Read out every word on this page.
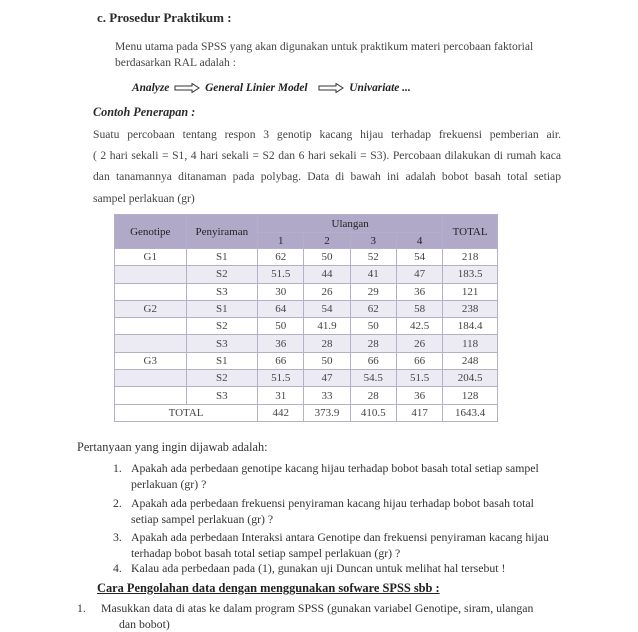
c. Prosedur Praktikum :
Menu utama pada SPSS yang akan digunakan untuk praktikum materi percobaan faktorial
berdasarkan RAL adalah :
Analyze	General Linier Model	Univariate ...
Contoh Penerapan :
Suatu percobaan tentang respon 3 genotip kacang hijau terhadap frekuensi pemberian air.
( 2 hari sekali = S1, 4 hari sekali = S2 dan 6 hari sekali = S3). Percobaan dilakukan di rumah kaca
dan tanamannya ditanaman pada polybag. Data di bawah ini adalah bobot basah total setiap
sampel perlakuan (gr)
Genotipe	Penyiraman	Ulangan				TOTAL
		1	2	3	4	
G1	S1	62	50	52	54	218
	S2	51.5	44	41	47	183.5
	S3	30	26	29	36	121
G2	S1	64	54	62	58	238
	S2	50	41.9	50	42.5	184.4
	S3	36	28	28	26	118
G3	S1	66	50	66	66	248
	S2	51.5	47	54.5	51.5	204.5
	S3	31	33	28	36	128
TOTAL		442	373.9	410.5	417	1643.4
Pertanyaan yang ingin dijawab adalah:
1. Apakah ada perbedaan genotipe kacang hijau terhadap bobot basah total setiap sampel
perlakuan (gr) ?
2. Apakah ada perbedaan frekuensi penyiraman kacang hijau terhadap bobot basah total
setiap sampel perlakuan (gr) ?
3. Apakah ada perbedaan Interaksi antara Genotipe dan frekuensi penyiraman kacang hijau
terhadap bobot basah total setiap sampel perlakuan (gr) ?
4. Kalau ada perbedaan pada (1), gunakan uji Duncan untuk melihat hal tersebut !
Cara Pengolahan data dengan menggunakan sofware SPSS sbb :
1. Masukkan data di atas ke dalam program SPSS (gunakan variabel Genotipe, siram, ulangan
dan bobot)
